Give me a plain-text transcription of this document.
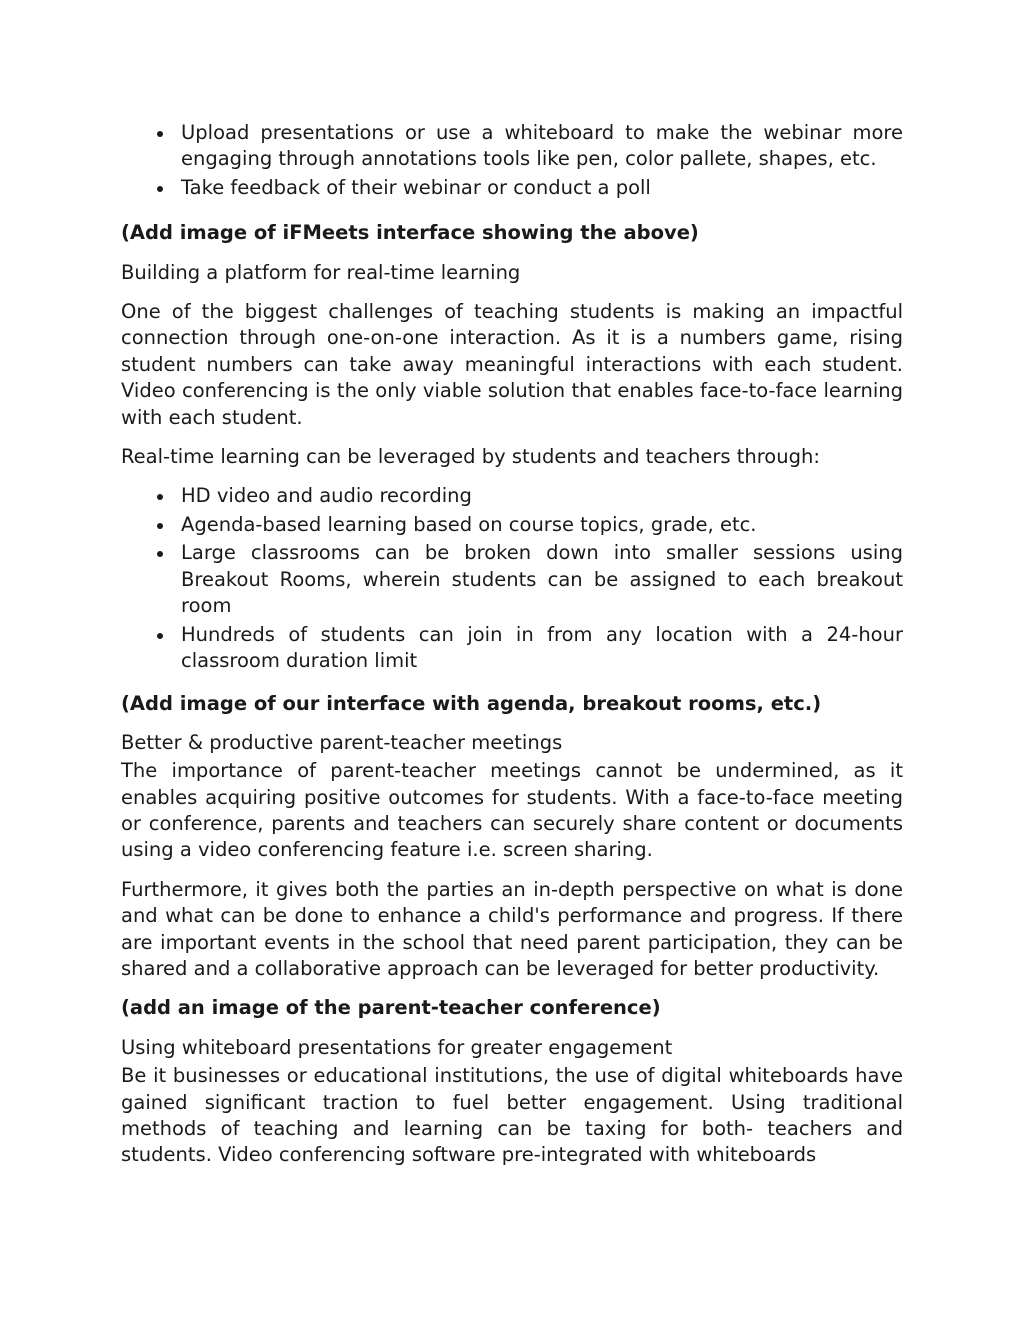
Upload presentations or use a whiteboard to make the webinar more engaging through annotations tools like pen, color pallete, shapes, etc.
Take feedback of their webinar or conduct a poll

(Add image of iFMeets interface showing the above)

Building a platform for real-time learning

One of the biggest challenges of teaching students is making an impactful connection through one-on-one interaction. As it is a numbers game, rising student numbers can take away meaningful interactions with each student. Video conferencing is the only viable solution that enables face-to-face learning with each student.

Real-time learning can be leveraged by students and teachers through:

HD video and audio recording
Agenda-based learning based on course topics, grade, etc.
Large classrooms can be broken down into smaller sessions using Breakout Rooms, wherein students can be assigned to each breakout room
Hundreds of students can join in from any location with a 24-hour classroom duration limit

(Add image of our interface with agenda, breakout rooms, etc.)

Better & productive parent-teacher meetings

The importance of parent-teacher meetings cannot be undermined, as it enables acquiring positive outcomes for students. With a face-to-face meeting or conference, parents and teachers can securely share content or documents using a video conferencing feature i.e. screen sharing.

Furthermore, it gives both the parties an in-depth perspective on what is done and what can be done to enhance a child's performance and progress. If there are important events in the school that need parent participation, they can be shared and a collaborative approach can be leveraged for better productivity.

(add an image of the parent-teacher conference)

Using whiteboard presentations for greater engagement

Be it businesses or educational institutions, the use of digital whiteboards have gained significant traction to fuel better engagement. Using traditional methods of teaching and learning can be taxing for both- teachers and students. Video conferencing software pre-integrated with whiteboards
